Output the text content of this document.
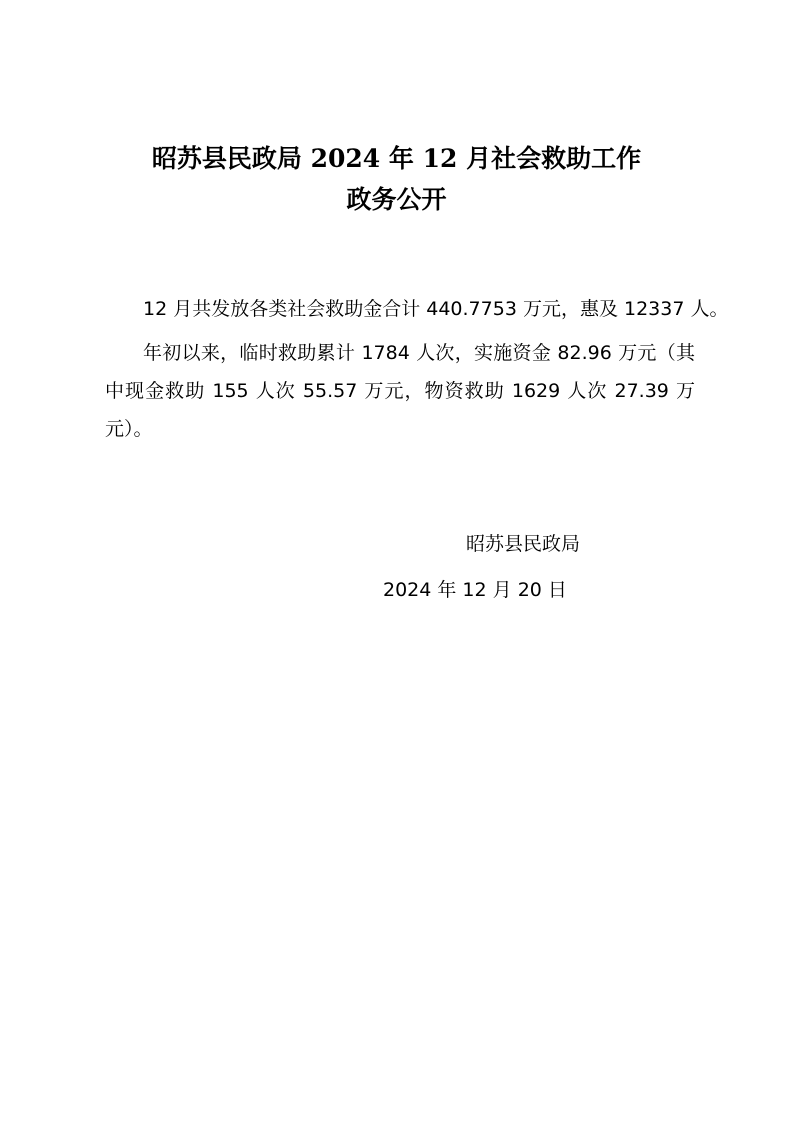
昭苏县民政局 2024 年 12 月社会救助工作
政务公开

12 月共发放各类社会救助金合计 440.7753 万元，惠及 12337 人。

年初以来，临时救助累计 1784 人次，实施资金 82.96 万元（其中现金救助 155 人次 55.57 万元，物资救助 1629 人次 27.39 万元）。

昭苏县民政局
2024 年 12 月 20 日
